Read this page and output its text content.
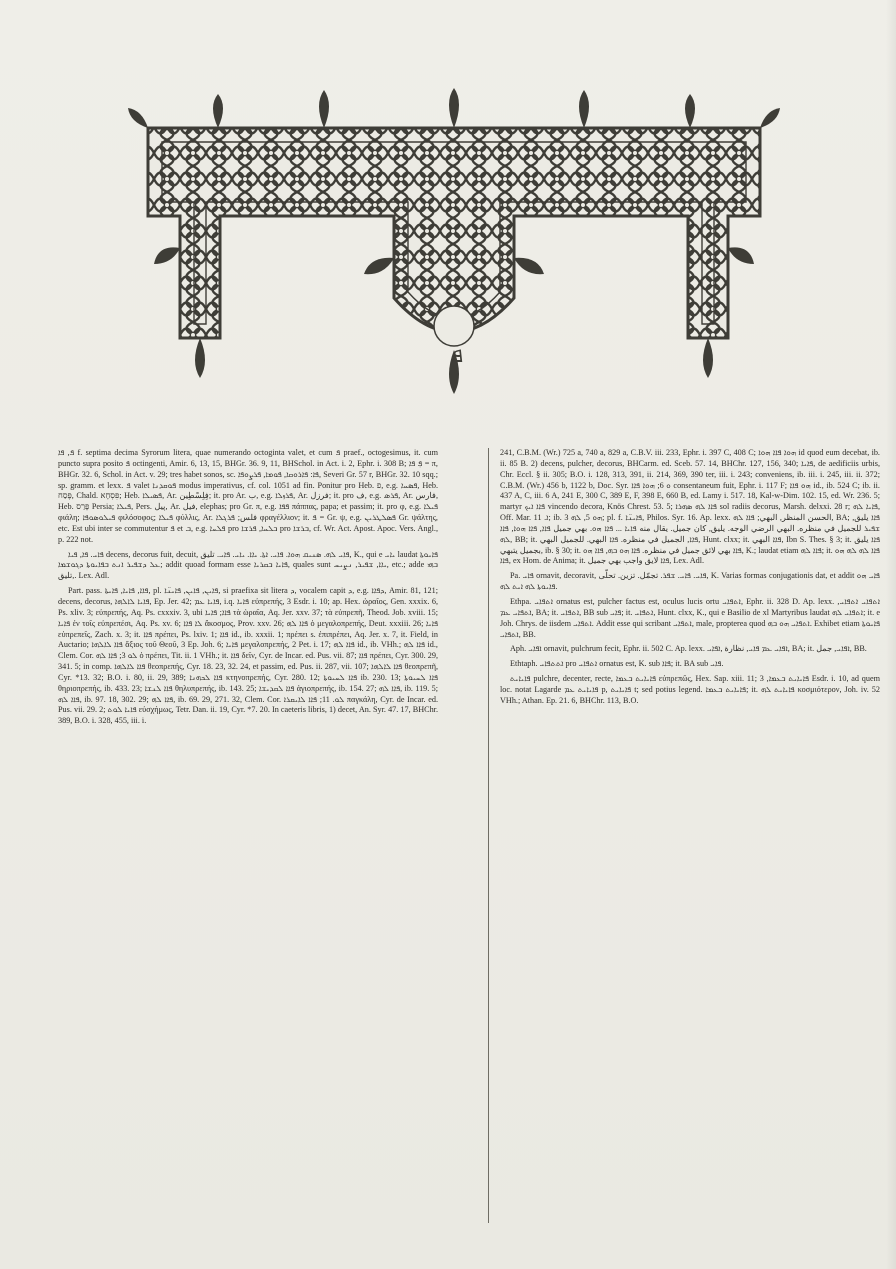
ܦ

ܦ, ܦܐ f. septima decima Syrorum litera, quae numerando octoginta valet, et cum ܦ praef., octogesimus, it. cum puncto supra posito ܦ octingenti, Amir. 6, 13, 15, BHGr. 36. 9, 11, BHSchol. in Act. i. 2, Ephr. i. 308 B; ܦ̣ ܦܐ = π, BHGr. 32. 6, Schol. in Act. v. 29; tres habet sonos, sc. ܦܐ: ܦܐܪܘܩܐ, ܦܘܡܐ, ܦܪܨܘܦܐ, Severi Gr. 57 r, BHGr. 32. 10 sqq.; sp. gramm. et lexx. ܦ valet ܦܘܩܕܢܐ modus imperativus, cf. col. 1051 ad fin. Ponitur pro Heb. פ, e.g. ܦܣܚܐ, Heb. פֶּסַח, Chald. פִּסְחָא; Heb. ܦܣܝܠܐ, Ar. فِلِسْطِين; it. pro Ar. ب, e.g. ܦܪܙܠܐ, Ar. فرزل; it. pro ف, e.g. ܦܪܣ, Ar. فارس, Heb. פָּרַס Persia; ܦܝܠܐ, Pers. پیل, Ar. فیل, elephas; pro Gr. π, e.g. ܦܦܐ πάππας, papa; et passim; it. pro φ, e.g. ܦܝܠܐ φιάλη; ܦܝܠܘܣܘܦܐ φιλόσοφος; ܦܝܠܐ φύλλις, Ar. فلس; ܦܪܓܠܐ φραγέλλιον; it. ܦ = Gr. ψ, e.g. ܦܣܠܛܪܝܢ Gr. ψάλτης, etc. Est ubi inter se commutentur ܦ et ܒ, e.g. ܦܠܚܐ pro ܒܠܚܐ, ܦܪܫܐ pro ܒܪܫܐ, cf. Wr. Act. Apost. Apoc. Vers. Angl., p. 222 not.

ܦܐܝ. ܦܐ, ܦܝܐ decens, decorus fuit, decuit, ܦܐܝ ܠܗ. ܣܢܝܩ ܗܘܐ. ܦܐܝ. ܐܬܐ. ܝܐܐ. ܝܐܝ. ܦܐܝ. تليق, K., qui e ܝܐܝ laudat ܦܐܝܘܬܐ ܥܠ ܕܫܦܝܪ ܐܢܬ ܒܦܐܝܘܬܐ ܕܓܘܫܡܐ; addit quoad formam esse ܦܐܝܐ ܒܩܪܝܐ, quales sunt ܝܐܐ, ܫܦܝܪ, ܢܨܝܚ, etc.; adde ܒܗܝ ,تليق. Lex. Adl.

Part. pass. ܦܐܐ, ܦܐܝܐ, ܦܐܝܬܐ, pl. ܦܐܝܢ, ܦܐܝܢ, ܦܐܝܢ̈ܐ, si praefixa sit litera ܕ, vocalem capit ܕ, e.g. ܕܦܐܐ, Amir. 81, 121; decens, decorus, ܦܐܝܐ ܠܐܠܗܐ, Ep. Jer. 42; ܦܐܝܐ ܥܡ, i.q. ܦܐܝܐ εὐπρεπής, 3 Esdr. i. 10; ap. Hex. ὡραῖος, Gen. xxxix. 6, Ps. xliv. 3; εὐπρεπής, Aq. Ps. cxxxiv. 3, ubi ܦܐܐ; ܦܐܝܐ τὰ ὡραῖα, Aq. Jer. xxv. 37; τὰ εὐπρεπῆ, Theod. Job. xviii. 15; ܦܐܝܐ ἐν τοῖς εὐπρεπέσι, Aq. Ps. xv. 6; ܠܐ ܦܐܐ ἄκοσμος, Prov. xxv. 26; ܦܐܐ ܠܗ ὁ μεγαλοπρεπής, Deut. xxxiii. 26; ܦܐܝܐ εὐπρεπεῖς, Zach. x. 3; it. ܦܐܐ πρέπει, Ps. lxiv. 1; ܦܐܐ id., ib. xxxii. 1; πρέπει s. ἐπιπρέπει, Aq. Jer. x. 7, it. Field, in Auctario; ܦܐܐ ܠܐܠܗܐ ἄξιος τοῦ Θεοῦ, 3 Ep. Joh. 6; ܦܐܝܐ μεγαλοπρεπής, 2 Pet. i. 17; ܦܐܐ ܠܗ id., ib. VHh.; ܦܐܐ ܠܗ id., Clem. Cor. ܠܘ 3; ܦܐܐ ܠܗ ὁ πρέπει, Tit. ii. 1 VHh.; it. ܦܐܐ δεῖν, Cyr. de Incar. ed. Pus. vii. 87; ܦܐܐ πρέπει, Cyr. 300. 29, 341. 5; in comp. ܦܐܐ ܠܐܠܗܐ θεοπρεπής, Cyr. 18. 23, 32. 24, et passim, ed. Pus. ii. 287, vii. 107; ܦܐܐ ܠܐܠܗܐ θεοπρεπῆ, Cyr. *13. 32; B.O. i. 80, ii. 29, 389; ܦܐܐ ܠܟܗܢܐ κτηνοπρεπής, Cyr. 280. 12; ܦܐܐ ܠܚܝܘܬܐ ib. 230. 13; ܦܐܐ ܠܚܝܘܬܐ θηριοπρεπής, ib. 433. 23; ܦܐܐ ܠܢܫܐ θηλυπρεπής, ib. 143. 25; ܦܐܐ ܠܩܕܝܫܐ ἁγιοπρεπής, ib. 154. 27; ܦܐܐ ܠܗ, ib. 119. 5; ܦܐܐ ܠܗ, ib. 97. 18, 302. 29; ܦܐܐ ܠܗ, ib. 69. 29, 271. 32, Clem. Cor. ܠܘ. 11; ܦܐܐ ܠܐܝܩܪܐ παγκάλη, Cyr. de Incar. ed. Pus. vii. 29. 2; ܦܐܝܐ ܠܘܬ εὐσχήμως, Tetr. Dan. ii. 19, Cyr. *7. 20. In caeteris libris, 1) decet, An. Syr. 47. 17, BHChr. 389, B.O. i. 328, 455, iii. i.

241, C.B.M. (Wr.) 725 a, 740 a, 829 a, C.B.V. iii. 233, Ephr. i. 397 C, 408 C; ܗܘܐ ܦܐܐ ܗܘܐ id quod eum decebat, ib. ii. 85 B. 2) decens, pulcher, decorus, BHCarm. ed. Sceb. 57. 14, BHChr. 127, 156, 340; ܦܐܝܐ, de aedificiis urbis, Chr. Eccl. § ii. 305; B.O. i. 128, 313, 391, ii. 214, 369, 390 ter, iii. i. 243; conveniens, ib. iii. i. 245, iii. ii. 372; C.B.M. (Wr.) 456 b, 1122 b, Doc. Syr. ܘ 6; ܗܘܐ ܦܐܐ consentaneum fuit, Ephr. i. 117 F; ܗܘ ܦܐܐ id., ib. 524 C; ib. ii. 437 A, C, iii. 6 A, 241 E, 300 C, 389 E, F, 398 E, 660 B, ed. Lamy i. 517. 18, Kal-w-Dim. 102. 15, ed. Wr. 236. 5; martyr ܦܐܐ ܐܝܟ vincendo decora, Knös Chrest. 53. 5; ܦܐܐ ܠܗ ܣܗܪܐ sol radiis decorus, Marsh. delxxi. 28 r; ܦܐܝܐ ܠܗ, Off. Mar. ܐ. 11; ib. ܗܘ 5, ܠܗ 3; pl. f. ܦܐܝܢ̈ܐ, Philos. Syr. 16. Ap. lexx. الحسن المنظر, البهي; ܦܐܐ ܠܗ, BA; ܦܐܐ يليق, ܫܦܝܪ للجميل في منظره. البهي الرضي الوجه. يليق, كان جميل. يقال منه ܦܐܝܐ ... ܦܐܐ ܗܘ. بهي جميل ܦܐܐ, ܦܐܐ ܗܘܐ, ܦܐܐ ܠܗ, BB; it. ܦܐܐ, الجميل في منظره. ܦܐܐ البهي. للجميل البهي, Hunt. clxx; it. ܦܐܐ البهي, Ibn S. Thes. § 3; it. ܦܐܐ يليق بجميل يتبهي, ib. § 30; it. ܦܐܐ بهي لائق جميل في منظره. ܦܐܐ ܗܘ ܒܗ, ܦܐܐ ܗܘ, K.; laudat etiam ܦܐܐ ܠܗ; it. ܦܐܐ ܠܗ ܠܗ ܗܘ ܦܐܐ, ex Hom. de Anima; it. ܦܐܐ لايق واجب بهي جميل, Lex. Adl.

Pa. ܦܐܝ ornavit, decoravit, ܦܐܝ. ܦܐܝ. ܫܦܪ. تجمّل. تزين. تحلّى, K. Varias formas conjugationis dat, et addit ܦܐܝ ܗܘ ܦܐܝܘܬܐ ܠܗ ܐܝܬ ܠܗ.

Ethpa. ܐܬܦܐܝ ornatus est, pulcher factus est, oculus lucis ortu ܐܬܦܐܝ, Ephr. ii. 328 D. Ap. lexx. ܐܬܦܐܝ ܐܬܦܐܝ, ܐܬܦܐܝ ܥܡ, BA; it. ܐܬܦܐܝ, BB sub ܦܐܝ; it. ܐܬܦܐܝ, Hunt. clxx, K., qui e Basilio de xl Martyribus laudat ܐܬܦܐܝ ܠܗ; it. e Joh. Chrys. de iisdem ܐܬܦܐܝ. Addit esse qui scribant ܐܬܦܐܝ, male, propterea quod ܐܬܦܐܝ ܗܘ ܒܗ. Exhibet etiam ܦܐܝܘܬܐ ܐܬܦܐܝ, BB.

Aph. ܐܦܐܝ ornavit, pulchrum fecit, Ephr. ii. 502 C. Ap. lexx. ܐܦܐܝ ܥܡ ܦܐܝ, نظارة ,ܐܦܐܝ, BA; it. ܐܦܐܝ, جمل, BB.

Ethtaph. ܐܬܬܦܐܝ pro ܐܬܦܐܝ ornatus est, K. sub ܦܐܐ; it. BA sub ܦܐܝ.

ܦܐܝܐܝܬ pulchre, decenter, recte, ܦܐܝܐܝܬ ܒܥܡܐ εὐπρεπῶς, Hex. Sap. xiii. 11; ܦܐܝܐܝܬ ܒܥܡܐ, 3 Esdr. i. 10, ad quem loc. notat Lagarde ܦܐܝܐܝܬ ܥܡ p, ܦܐܝܐܝܬ t; sed potius legend. ܦܐܝܐܝܬ ܒܥܡܐ; it. ܦܐܝܐܝܬ ܠܗ κοσμιότερον, Joh. iv. 52 VHh.; Athan. Ep. 21. 6, BHChr. 113, B.O.
